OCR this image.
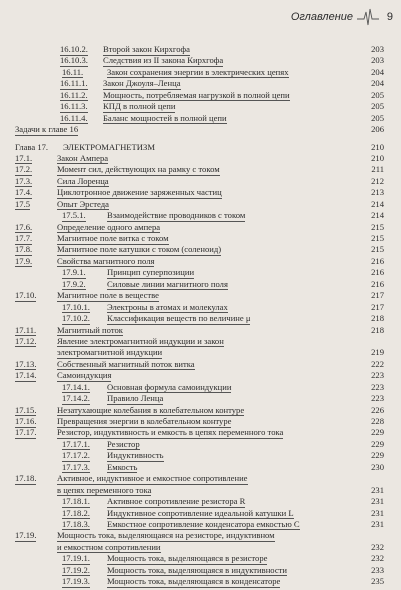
Оглавление	9
16.10.2. Второй закон Кирхгофа	203
16.10.3. Следствия из II закона Кирхгофа	203
16.11.	Закон сохранения энергии в электрических цепях	204
16.11.1. Закон Джоуля–Ленца	204
16.11.2. Мощность, потребляемая нагрузкой в полной цепи	205
16.11.3. КПД в полной цепи	205
16.11.4. Баланс мощностей в полной цепи	205
Задачи к главе 16	206
Глава 17. ЭЛЕКТРОМАГНЕТИЗМ	210
17.1.	Закон Ампера	210
17.2.	Момент сил, действующих на рамку с током	211
17.3.	Сила Лоренца	212
17.4.	Циклотронное движение заряженных частиц	213
17.5	Опыт Эрстеда	214
17.5.1. Взаимодействие проводников с током	214
17.6.	Определение одного ампера	215
17.7.	Магнитное поле витка с током	215
17.8.	Магнитное поле катушки с током (соленоид)	215
17.9.	Свойства магнитного поля	216
17.9.1. Принцип суперпозиции	216
17.9.2. Силовые линии магнитного поля	216
17.10. Магнитное поле в веществе	217
17.10.1. Электроны в атомах и молекулах	217
17.10.2. Классификация веществ по величине μ	218
17.11. Магнитный поток	218
17.12. Явление электромагнитной индукции и закон
электромагнитной индукции	219
17.13. Собственный магнитный поток витка	222
17.14. Самоиндукция	223
17.14.1. Основная формула самоиндукции	223
17.14.2. Правило Ленца	223
17.15. Незатухающие колебания в колебательном контуре	226
17.16. Превращения энергии в колебательном контуре	228
17.17. Резистор, индуктивность и емкость в цепях переменного тока	229
17.17.1. Резистор	229
17.17.2. Индуктивность	229
17.17.3. Емкость	230
17.18. Активное, индуктивное и емкостное сопротивление
в цепях переменного тока	231
17.18.1. Активное сопротивление резистора R	231
17.18.2. Индуктивное сопротивление идеальной катушки L	231
17.18.3. Емкостное сопротивление конденсатора емкостью C	231
17.19. Мощность тока, выделяющаяся на резисторе, индуктивном
и емкостном сопротивлении	232
17.19.1. Мощность тока, выделяющаяся в резисторе	232
17.19.2. Мощность тока, выделяющаяся в индуктивности	233
17.19.3. Мощность тока, выделяющаяся в конденсаторе	235
